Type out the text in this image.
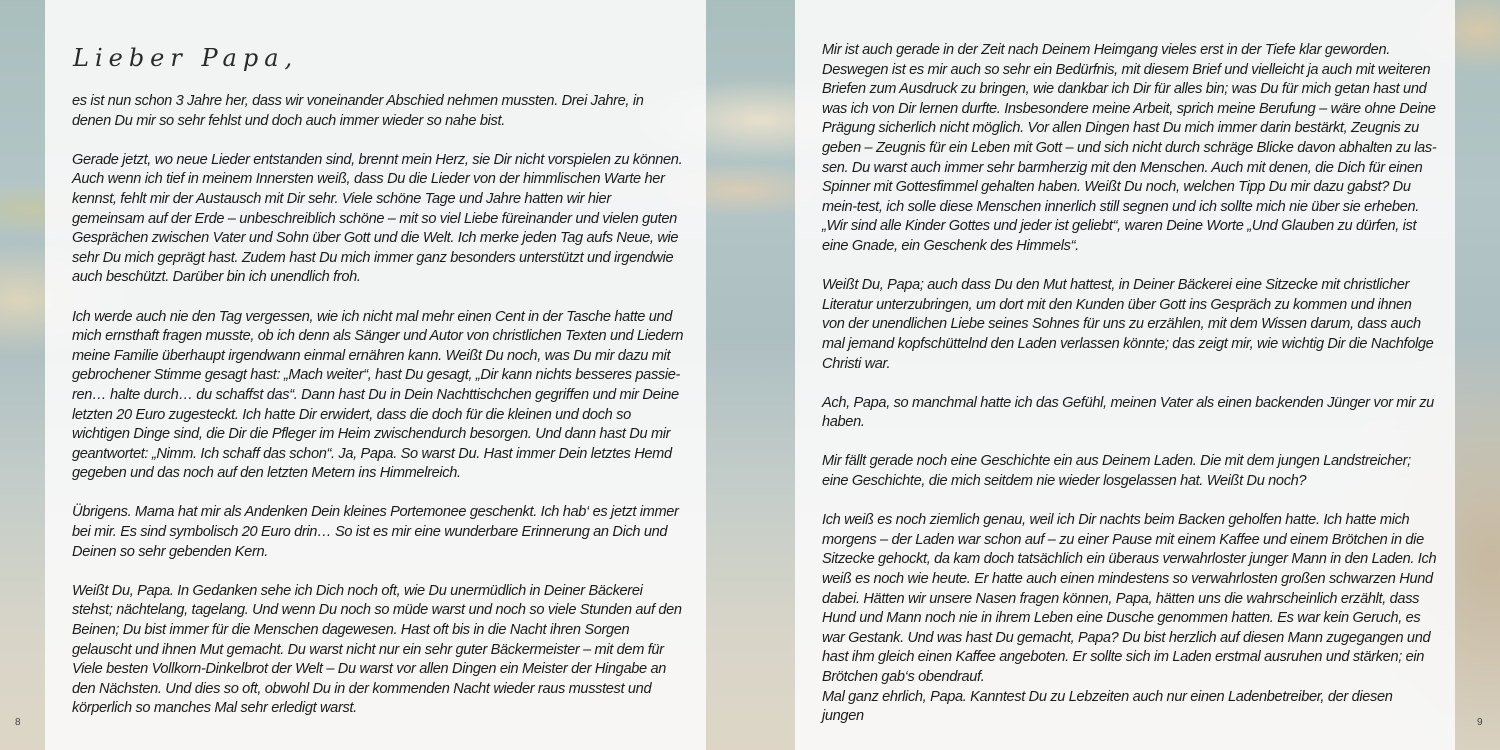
Lieber Papa,

es ist nun schon 3 Jahre her, dass wir voneinander Abschied nehmen mussten. Drei Jahre, in denen Du mir so sehr fehlst und doch auch immer wieder so nahe bist.

Gerade jetzt, wo neue Lieder entstanden sind, brennt mein Herz, sie Dir nicht vorspielen zu können. Auch wenn ich tief in meinem Innersten weiß, dass Du die Lieder von der himmlischen Warte her kennst, fehlt mir der Austausch mit Dir sehr. Viele schöne Tage und Jahre hatten wir hier gemeinsam auf der Erde – unbeschreiblich schöne – mit so viel Liebe füreinander und vielen guten Gesprächen zwischen Vater und Sohn über Gott und die Welt. Ich merke jeden Tag aufs Neue, wie sehr Du mich geprägt hast. Zudem hast Du mich immer ganz besonders unterstützt und irgendwie auch beschützt. Darüber bin ich unendlich froh.

Ich werde auch nie den Tag vergessen, wie ich nicht mal mehr einen Cent in der Tasche hatte und mich ernsthaft fragen musste, ob ich denn als Sänger und Autor von christlichen Texten und Liedern meine Familie überhaupt irgendwann einmal ernähren kann. Weißt Du noch, was Du mir dazu mit gebrochener Stimme gesagt hast: „Mach weiter“, hast Du gesagt, „Dir kann nichts besseres passie-ren… halte durch… du schaffst das“. Dann hast Du in Dein Nachttischchen gegriffen und mir Deine letzten 20 Euro zugesteckt. Ich hatte Dir erwidert, dass die doch für die kleinen und doch so wichtigen Dinge sind, die Dir die Pfleger im Heim zwischendurch besorgen. Und dann hast Du mir geantwortet: „Nimm. Ich schaff das schon“. Ja, Papa. So warst Du. Hast immer Dein letztes Hemd gegeben und das noch auf den letzten Metern ins Himmelreich.

Übrigens. Mama hat mir als Andenken Dein kleines Portemonee geschenkt. Ich hab‘ es jetzt immer bei mir. Es sind symbolisch 20 Euro drin… So ist es mir eine wunderbare Erinnerung an Dich und Deinen so sehr gebenden Kern.

Weißt Du, Papa. In Gedanken sehe ich Dich noch oft, wie Du unermüdlich in Deiner Bäckerei stehst; nächtelang, tagelang. Und wenn Du noch so müde warst und noch so viele Stunden auf den Beinen; Du bist immer für die Menschen dagewesen. Hast oft bis in die Nacht ihren Sorgen gelauscht und ihnen Mut gemacht. Du warst nicht nur ein sehr guter Bäckermeister – mit dem für Viele besten Vollkorn-Dinkelbrot der Welt – Du warst vor allen Dingen ein Meister der Hingabe an den Nächsten. Und dies so oft, obwohl Du in der kommenden Nacht wieder raus musstest und körperlich so manches Mal sehr erledigt warst.

Mir ist auch gerade in der Zeit nach Deinem Heimgang vieles erst in der Tiefe klar geworden. Deswegen ist es mir auch so sehr ein Bedürfnis, mit diesem Brief und vielleicht ja auch mit weiteren Briefen zum Ausdruck zu bringen, wie dankbar ich Dir für alles bin; was Du für mich getan hast und was ich von Dir lernen durfte. Insbesondere meine Arbeit, sprich meine Berufung – wäre ohne Deine Prägung sicherlich nicht möglich. Vor allen Dingen hast Du mich immer darin bestärkt, Zeugnis zu geben – Zeugnis für ein Leben mit Gott – und sich nicht durch schräge Blicke davon abhalten zu las-sen. Du warst auch immer sehr barmherzig mit den Menschen. Auch mit denen, die Dich für einen Spinner mit Gottesfimmel gehalten haben. Weißt Du noch, welchen Tipp Du mir dazu gabst? Du mein-test, ich solle diese Menschen innerlich still segnen und ich sollte mich nie über sie erheben. „Wir sind alle Kinder Gottes und jeder ist geliebt“, waren Deine Worte „Und Glauben zu dürfen, ist eine Gnade, ein Geschenk des Himmels“.

Weißt Du, Papa; auch dass Du den Mut hattest, in Deiner Bäckerei eine Sitzecke mit christlicher Literatur unterzubringen, um dort mit den Kunden über Gott ins Gespräch zu kommen und ihnen von der unendlichen Liebe seines Sohnes für uns zu erzählen, mit dem Wissen darum, dass auch mal jemand kopfschüttelnd den Laden verlassen könnte; das zeigt mir, wie wichtig Dir die Nachfolge Christi war.

Ach, Papa, so manchmal hatte ich das Gefühl, meinen Vater als einen backenden Jünger vor mir zu haben.

Mir fällt gerade noch eine Geschichte ein aus Deinem Laden. Die mit dem jungen Landstreicher; eine Geschichte, die mich seitdem nie wieder losgelassen hat. Weißt Du noch?

Ich weiß es noch ziemlich genau, weil ich Dir nachts beim Backen geholfen hatte. Ich hatte mich morgens – der Laden war schon auf – zu einer Pause mit einem Kaffee und einem Brötchen in die Sitzecke gehockt, da kam doch tatsächlich ein überaus verwahrloster junger Mann in den Laden. Ich weiß es noch wie heute. Er hatte auch einen mindestens so verwahrlosten großen schwarzen Hund dabei. Hätten wir unsere Nasen fragen können, Papa, hätten uns die wahrscheinlich erzählt, dass Hund und Mann noch nie in ihrem Leben eine Dusche genommen hatten. Es war kein Geruch, es war Gestank. Und was hast Du gemacht, Papa? Du bist herzlich auf diesen Mann zugegangen und hast ihm gleich einen Kaffee angeboten. Er sollte sich im Laden erstmal ausruhen und stärken; ein Brötchen gab‘s obendrauf.

Mal ganz ehrlich, Papa. Kanntest Du zu Lebzeiten auch nur einen Ladenbetreiber, der diesen jungen

8	9
